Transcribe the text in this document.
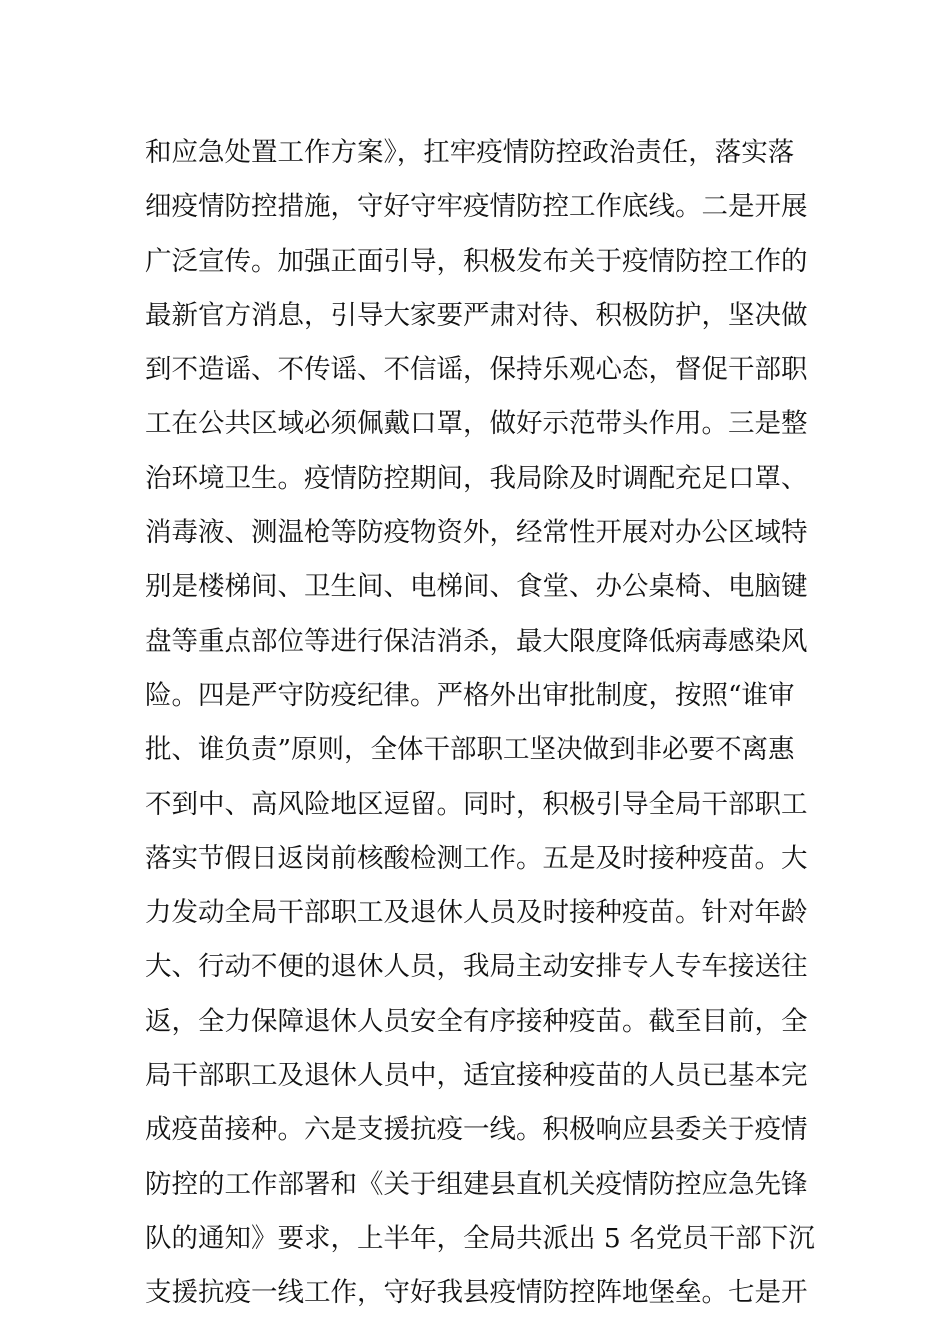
和应急处置工作方案》，扛牢疫情防控政治责任，落实落
细疫情防控措施，守好守牢疫情防控工作底线。二是开展
广泛宣传。加强正面引导，积极发布关于疫情防控工作的
最新官方消息，引导大家要严肃对待、积极防护，坚决做
到不造谣、不传谣、不信谣，保持乐观心态，督促干部职
工在公共区域必须佩戴口罩，做好示范带头作用。三是整
治环境卫生。疫情防控期间，我局除及时调配充足口罩、
消毒液、测温枪等防疫物资外，经常性开展对办公区域特
别是楼梯间、卫生间、电梯间、食堂、办公桌椅、电脑键
盘等重点部位等进行保洁消杀，最大限度降低病毒感染风
险。四是严守防疫纪律。严格外出审批制度，按照“谁审
批、谁负责”原则，全体干部职工坚决做到非必要不离惠
不到中、高风险地区逗留。同时，积极引导全局干部职工
落实节假日返岗前核酸检测工作。五是及时接种疫苗。大
力发动全局干部职工及退休人员及时接种疫苗。针对年龄
大、行动不便的退休人员，我局主动安排专人专车接送往
返，全力保障退休人员安全有序接种疫苗。截至目前，全
局干部职工及退休人员中，适宜接种疫苗的人员已基本完
成疫苗接种。六是支援抗疫一线。积极响应县委关于疫情
防控的工作部署和《关于组建县直机关疫情防控应急先锋
队的通知》要求，上半年，全局共派出 5 名党员干部下沉
支援抗疫一线工作，守好我县疫情防控阵地堡垒。七是开
